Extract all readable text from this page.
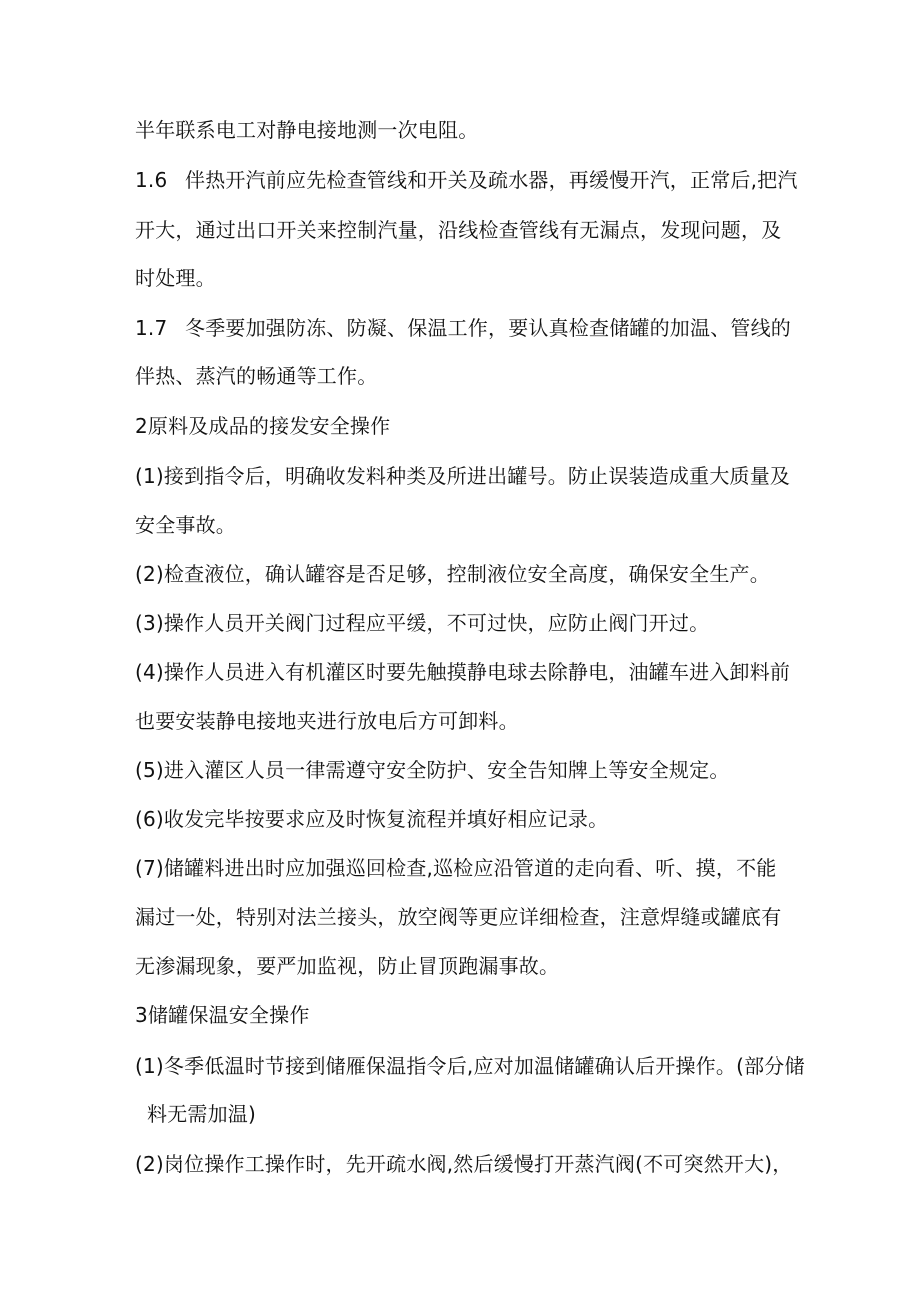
半年联系电工对静电接地测一次电阻。
1.6 伴热开汽前应先检查管线和开关及疏水器，再缓慢开汽，正常后,把汽
开大，通过出口开关来控制汽量，沿线检查管线有无漏点，发现问题，及
时处理。
1.7 冬季要加强防冻、防凝、保温工作，要认真检查储罐的加温、管线的
伴热、蒸汽的畅通等工作。
2原料及成品的接发安全操作
(1)接到指令后，明确收发料种类及所进出罐号。防止误装造成重大质量及
安全事故。
(2)检查液位，确认罐容是否足够，控制液位安全高度，确保安全生产。
(3)操作人员开关阀门过程应平缓，不可过快，应防止阀门开过。
(4)操作人员进入有机灌区时要先触摸静电球去除静电，油罐车进入卸料前
也要安装静电接地夹进行放电后方可卸料。
(5)进入灌区人员一律需遵守安全防护、安全告知牌上等安全规定。
(6)收发完毕按要求应及时恢复流程并填好相应记录。
(7)储罐料进出时应加强巡回检查,巡检应沿管道的走向看、听、摸，不能
漏过一处，特别对法兰接头，放空阀等更应详细检查，注意焊缝或罐底有
无渗漏现象，要严加监视，防止冒顶跑漏事故。
3储罐保温安全操作
(1)冬季低温时节接到储雁保温指令后,应对加温储罐确认后开操作。(部分储
料无需加温)
(2)岗位操作工操作时，先开疏水阀,然后缓慢打开蒸汽阀(不可突然开大)，
